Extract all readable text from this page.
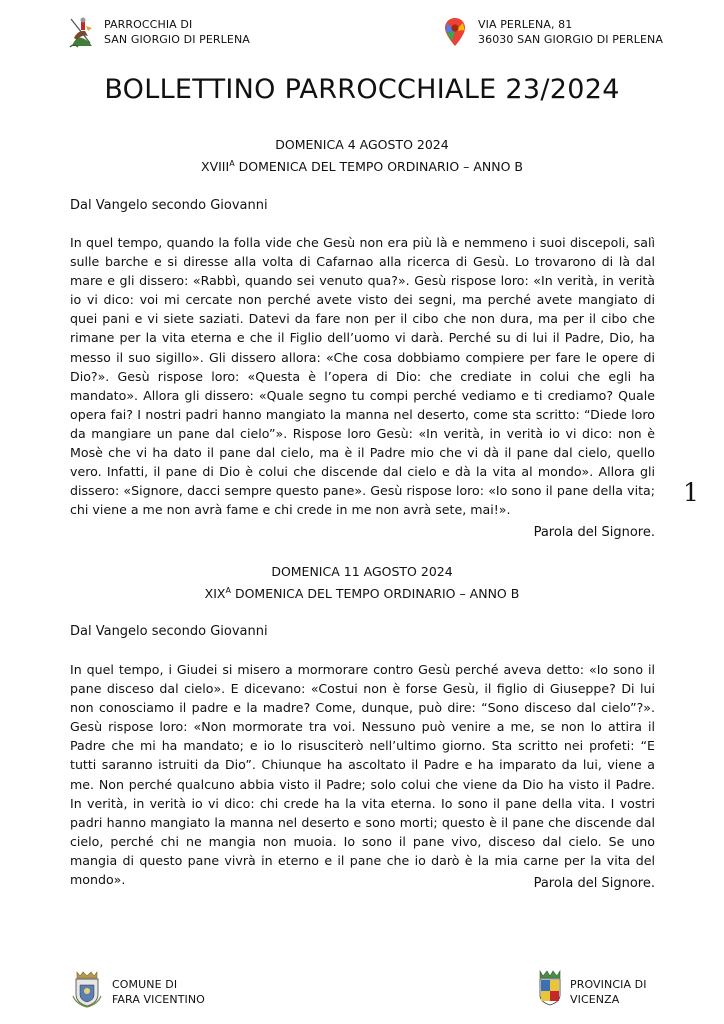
PARROCCHIA DI
SAN GIORGIO DI PERLENA
VIA PERLENA, 81
36030 SAN GIORGIO DI PERLENA
BOLLETTINO PARROCCHIALE 23/2024
DOMENICA 4 AGOSTO 2024
$XVIII^A$ DOMENICA DEL TEMPO ORDINARIO – ANNO B
Dal Vangelo secondo Giovanni

In quel tempo, quando la folla vide che Gesù non era più là e nemmeno i suoi discepoli, salì sulle barche e si diresse alla volta di Cafarnao alla ricerca di Gesù. Lo trovarono di là dal mare e gli dissero: «Rabbì, quando sei venuto qua?». Gesù rispose loro: «In verità, in verità io vi dico: voi mi cercate non perché avete visto dei segni, ma perché avete mangiato di quei pani e vi siete saziati. Datevi da fare non per il cibo che non dura, ma per il cibo che rimane per la vita eterna e che il Figlio dell’uomo vi darà. Perché su di lui il Padre, Dio, ha messo il suo sigillo». Gli dissero allora: «Che cosa dobbiamo compiere per fare le opere di Dio?». Gesù rispose loro: «Questa è l’opera di Dio: che crediate in colui che egli ha mandato». Allora gli dissero: «Quale segno tu compi perché vediamo e ti crediamo? Quale opera fai? I nostri padri hanno mangiato la manna nel deserto, come sta scritto: “Diede loro da mangiare un pane dal cielo”». Rispose loro Gesù: «In verità, in verità io vi dico: non è Mosè che vi ha dato il pane dal cielo, ma è il Padre mio che vi dà il pane dal cielo, quello vero. Infatti, il pane di Dio è colui che discende dal cielo e dà la vita al mondo». Allora gli dissero: «Signore, dacci sempre questo pane». Gesù rispose loro: «Io sono il pane della vita; chi viene a me non avrà fame e chi crede in me non avrà sete, mai!».

Parola del Signore.
1
DOMENICA 11 AGOSTO 2024
$XIX^A$ DOMENICA DEL TEMPO ORDINARIO – ANNO B
Dal Vangelo secondo Giovanni

In quel tempo, i Giudei si misero a mormorare contro Gesù perché aveva detto: «Io sono il pane disceso dal cielo». E dicevano: «Costui non è forse Gesù, il figlio di Giuseppe? Di lui non conosciamo il padre e la madre? Come, dunque, può dire: “Sono disceso dal cielo”?». Gesù rispose loro: «Non mormorate tra voi. Nessuno può venire a me, se non lo attira il Padre che mi ha mandato; e io lo risusciterò nell’ultimo giorno. Sta scritto nei profeti: “E tutti saranno istruiti da Dio”. Chiunque ha ascoltato il Padre e ha imparato da lui, viene a me. Non perché qualcuno abbia visto il Padre; solo colui che viene da Dio ha visto il Padre. In verità, in verità io vi dico: chi crede ha la vita eterna. Io sono il pane della vita. I vostri padri hanno mangiato la manna nel deserto e sono morti; questo è il pane che discende dal cielo, perché chi ne mangia non muoia. Io sono il pane vivo, disceso dal cielo. Se uno mangia di questo pane vivrà in eterno e il pane che io darò è la mia carne per la vita del mondo».	Parola del Signore.
COMUNE DI
FARA VICENTINO
PROVINCIA DI
VICENZA
